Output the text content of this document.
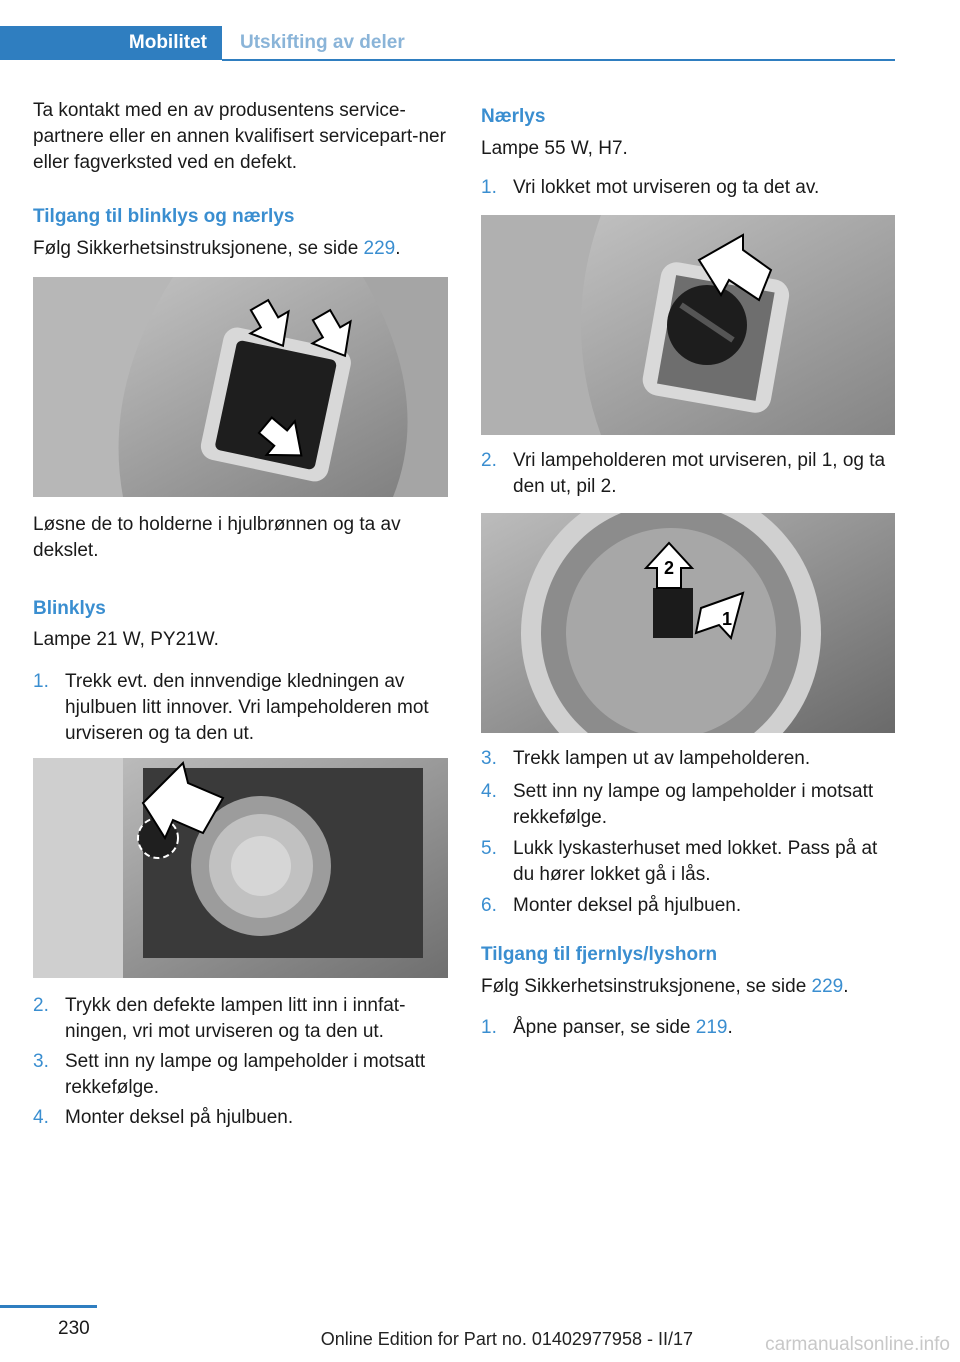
Mobilitet Utskifting av deler

Ta kontakt med en av produsentens service-partnere eller en annen kvalifisert servicepart-ner eller fagverksted ved en defekt.

Tilgang til blinklys og nærlys

Følg Sikkerhetsinstruksjonene, se side 229.

Løsne de to holderne i hjulbrønnen og ta av dekslet.

Blinklys

Lampe 21 W, PY21W.

1. Trekk evt. den innvendige kledningen av hjulbuen litt innover. Vri lampeholderen mot urviseren og ta den ut.
2. Trykk den defekte lampen litt inn i innfat-ningen, vri mot urviseren og ta den ut.
3. Sett inn ny lampe og lampeholder i motsatt rekkefølge.
4. Monter deksel på hjulbuen.

Nærlys

Lampe 55 W, H7.

1. Vri lokket mot urviseren og ta det av.
2. Vri lampeholderen mot urviseren, pil 1, og ta den ut, pil 2.
2
1
3. Trekk lampen ut av lampeholderen.
4. Sett inn ny lampe og lampeholder i motsatt rekkefølge.
5. Lukk lyskasterhuset med lokket. Pass på at du hører lokket gå i lås.
6. Monter deksel på hjulbuen.

Tilgang til fjernlys/lyshorn

Følg Sikkerhetsinstruksjonene, se side 229.

1. Åpne panser, se side 219.
230	Online Edition for Part no. 01402977958 - II/17	carmanualsonline.info
